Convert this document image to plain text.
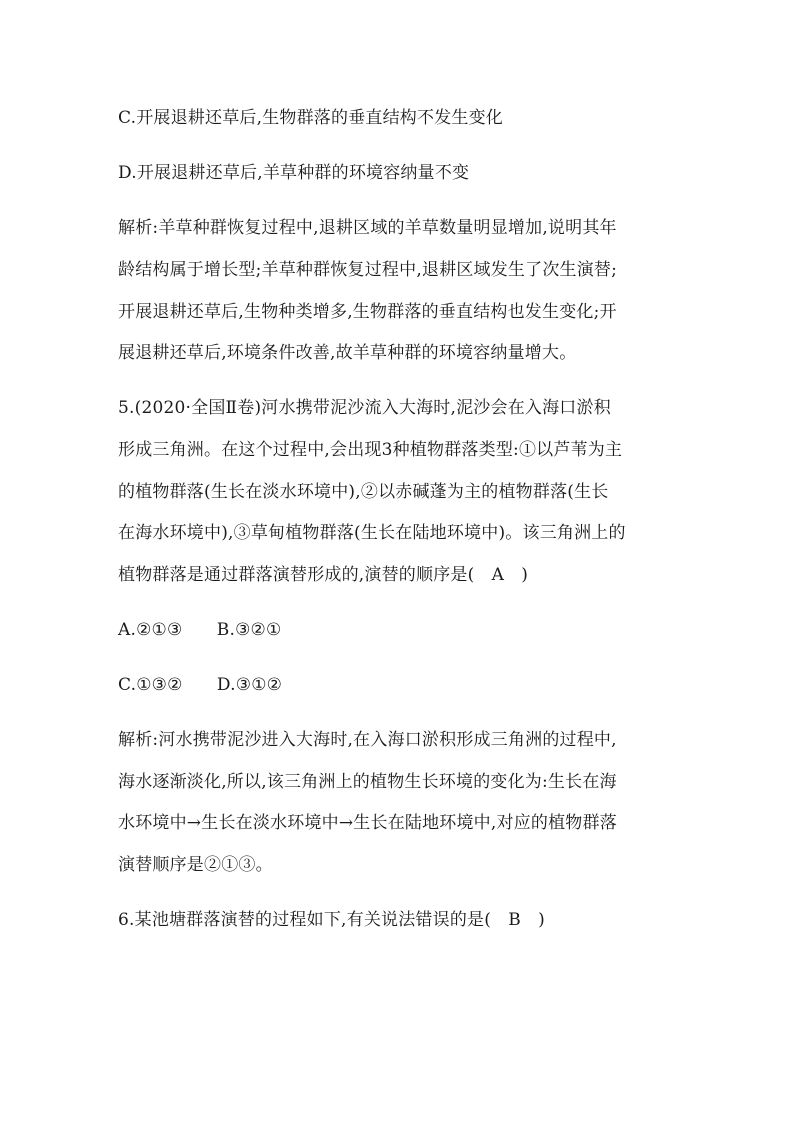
C.开展退耕还草后,生物群落的垂直结构不发生变化
D.开展退耕还草后,羊草种群的环境容纳量不变
解析:羊草种群恢复过程中,退耕区域的羊草数量明显增加,说明其年
龄结构属于增长型;羊草种群恢复过程中,退耕区域发生了次生演替;
开展退耕还草后,生物种类增多,生物群落的垂直结构也发生变化;开
展退耕还草后,环境条件改善,故羊草种群的环境容纳量增大。
5.(2020·全国Ⅱ卷)河水携带泥沙流入大海时,泥沙会在入海口淤积
形成三角洲。在这个过程中,会出现3种植物群落类型:①以芦苇为主
的植物群落(生长在淡水环境中),②以赤碱蓬为主的植物群落(生长
在海水环境中),③草甸植物群落(生长在陆地环境中)。该三角洲上的
植物群落是通过群落演替形成的,演替的顺序是(　A　)
A.②①③　　B.③②①
C.①③②　　D.③①②
解析:河水携带泥沙进入大海时,在入海口淤积形成三角洲的过程中,
海水逐渐淡化,所以,该三角洲上的植物生长环境的变化为:生长在海
水环境中→生长在淡水环境中→生长在陆地环境中,对应的植物群落
演替顺序是②①③。
6.某池塘群落演替的过程如下,有关说法错误的是(　B　)
